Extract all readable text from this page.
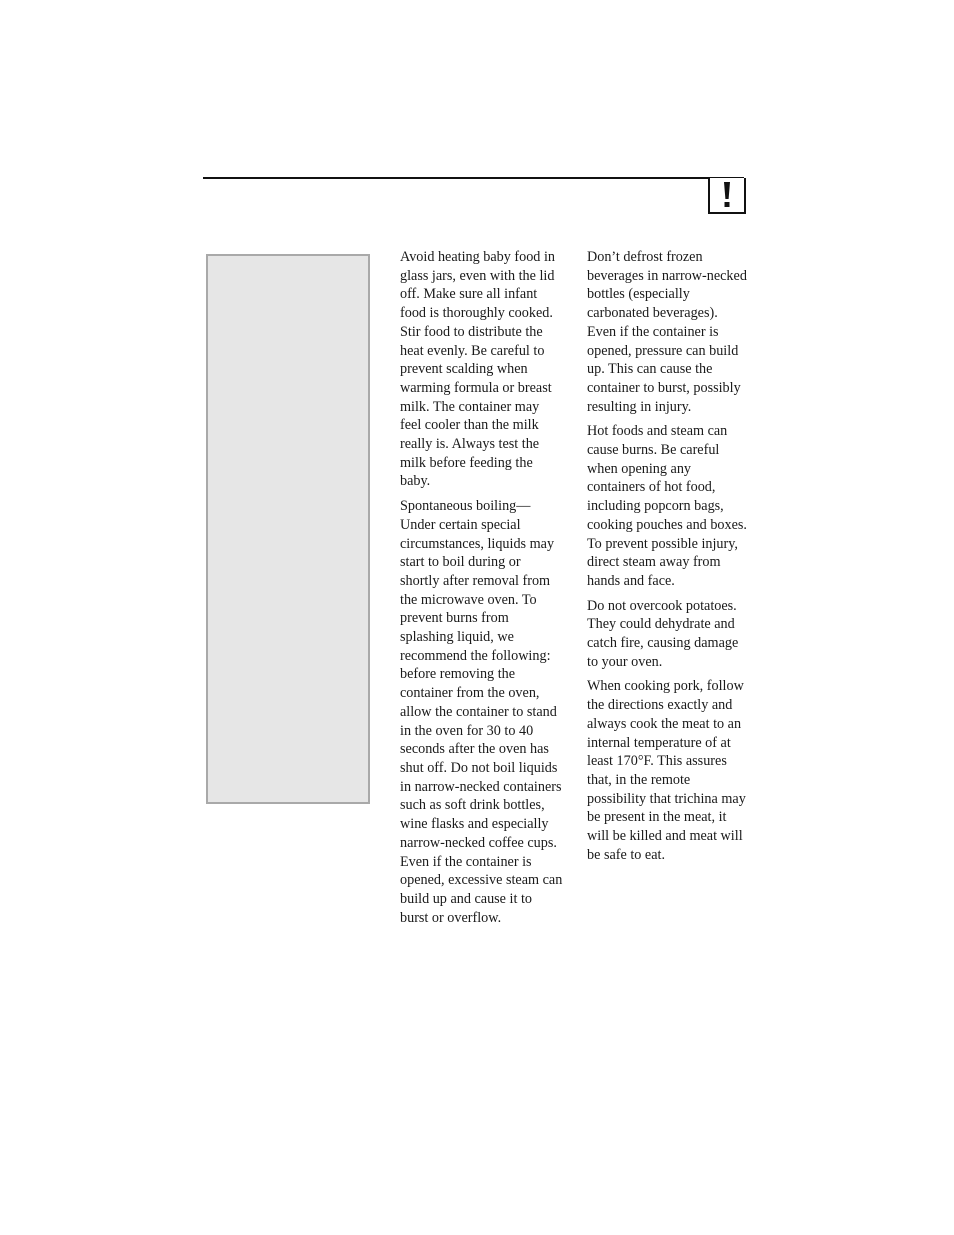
Avoid heating baby food in glass jars, even with the lid off. Make sure all infant food is thoroughly cooked. Stir food to distribute the heat evenly. Be careful to prevent scalding when warming formula or breast milk. The container may feel cooler than the milk really is. Always test the milk before feeding the baby.

Spontaneous boiling—Under certain special circumstances, liquids may start to boil during or shortly after removal from the microwave oven. To prevent burns from splashing liquid, we recommend the following: before removing the container from the oven, allow the container to stand in the oven for 30 to 40 seconds after the oven has shut off. Do not boil liquids in narrow-necked containers such as soft drink bottles, wine flasks and especially narrow-necked coffee cups. Even if the container is opened, excessive steam can build up and cause it to burst or overflow.

Don’t defrost frozen beverages in narrow-necked bottles (especially carbonated beverages). Even if the container is opened, pressure can build up. This can cause the container to burst, possibly resulting in injury.

Hot foods and steam can cause burns. Be careful when opening any containers of hot food, including popcorn bags, cooking pouches and boxes. To prevent possible injury, direct steam away from hands and face.

Do not overcook potatoes. They could dehydrate and catch fire, causing damage to your oven.

When cooking pork, follow the directions exactly and always cook the meat to an internal temperature of at least 170°F. This assures that, in the remote possibility that trichina may be present in the meat, it will be killed and meat will be safe to eat.
